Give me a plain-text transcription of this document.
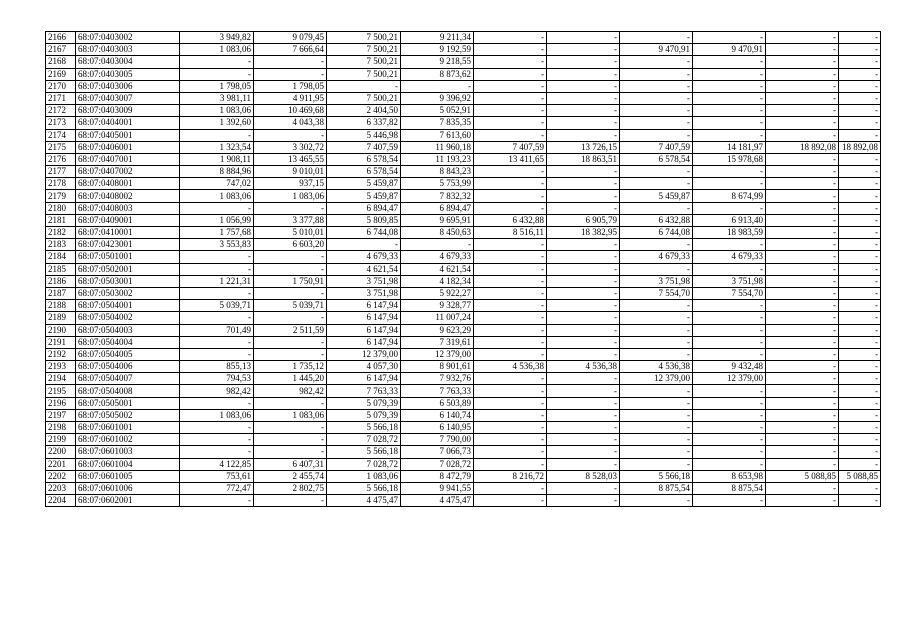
2166	68:07:0403002	3 949,82	9 079,45	7 500,21	9 211,34	-	-	-	-	-	-
2167	68:07:0403003	1 083,06	7 666,64	7 500,21	9 192,59	-	-	9 470,91	9 470,91	-	-
2168	68:07:0403004	-	-	7 500,21	9 218,55	-	-	-	-	-	-
2169	68:07:0403005	-	-	7 500,21	8 873,62	-	-	-	-	-	-
2170	68:07:0403006	1 798,05	1 798,05	-	-	-	-	-	-	-	-
2171	68:07:0403007	3 981,11	4 911,95	7 500,21	9 396,92	-	-	-	-	-	-
2172	68:07:0403009	1 083,06	10 469,68	2 404,50	5 052,91	-	-	-	-	-	-
2173	68:07:0404001	1 392,60	4 043,38	6 337,82	7 835,35	-	-	-	-	-	-
2174	68:07:0405001	-	-	5 446,98	7 613,60	-	-	-	-	-	-
2175	68:07:0406001	1 323,54	3 302,72	7 407,59	11 960,18	7 407,59	13 726,15	7 407,59	14 181,97	18 892,08	18 892,08
2176	68:07:0407001	1 908,11	13 465,55	6 578,54	11 193,23	13 411,65	18 863,51	6 578,54	15 978,68	-	-
2177	68:07:0407002	8 884,96	9 010,01	6 578,54	8 843,23	-	-	-	-	-	-
2178	68:07:0408001	747,02	937,15	5 459,87	5 753,99	-	-	-	-	-	-
2179	68:07:0408002	1 083,06	1 083,06	5 459,87	7 832,32	-	-	5 459,87	8 674,99	-	-
2180	68:07:0408003	-	-	6 894,47	6 894,47	-	-	-	-	-	-
2181	68:07:0409001	1 056,99	3 377,88	5 809,85	9 695,91	6 432,88	6 905,79	6 432,88	6 913,40	-	-
2182	68:07:0410001	1 757,68	5 010,01	6 744,08	8 450,63	8 516,11	18 382,95	6 744,08	18 983,59	-	-
2183	68:07:0423001	3 553,83	6 603,20	-	-	-	-	-	-	-	-
2184	68:07:0501001	-	-	4 679,33	4 679,33	-	-	4 679,33	4 679,33	-	-
2185	68:07:0502001	-	-	4 621,54	4 621,54	-	-	-	-	-	-
2186	68:07:0503001	1 221,31	1 750,91	3 751,98	4 182,34	-	-	3 751,98	3 751,98	-	-
2187	68:07:0503002	-	-	3 751,98	5 922,27	-	-	7 554,70	7 554,70	-	-
2188	68:07:0504001	5 039,71	5 039,71	6 147,94	9 328,77	-	-	-	-	-	-
2189	68:07:0504002	-	-	6 147,94	11 007,24	-	-	-	-	-	-
2190	68:07:0504003	701,49	2 511,59	6 147,94	9 623,29	-	-	-	-	-	-
2191	68:07:0504004	-	-	6 147,94	7 319,61	-	-	-	-	-	-
2192	68:07:0504005	-	-	12 379,00	12 379,00	-	-	-	-	-	-
2193	68:07:0504006	855,13	1 735,12	4 057,30	8 901,61	4 536,38	4 536,38	4 536,38	9 432,48	-	-
2194	68:07:0504007	794,53	1 445,20	6 147,94	7 932,76	-	-	12 379,00	12 379,00	-	-
2195	68:07:0504008	982,42	982,42	7 763,33	7 763,33	-	-	-	-	-	-
2196	68:07:0505001	-	-	5 079,39	6 503,89	-	-	-	-	-	-
2197	68:07:0505002	1 083,06	1 083,06	5 079,39	6 140,74	-	-	-	-	-	-
2198	68:07:0601001	-	-	5 566,18	6 140,95	-	-	-	-	-	-
2199	68:07:0601002	-	-	7 028,72	7 790,00	-	-	-	-	-	-
2200	68:07:0601003	-	-	5 566,18	7 066,73	-	-	-	-	-	-
2201	68:07:0601004	4 122,85	6 407,31	7 028,72	7 028,72	-	-	-	-	-	-
2202	68:07:0601005	753,61	2 455,74	1 083,06	8 472,79	8 216,72	8 528,03	5 566,18	8 653,98	5 088,85	5 088,85
2203	68:07:0601006	772,47	2 802,75	5 566,18	9 941,55	-	-	8 875,54	8 875,54	-	-
2204	68:07:0602001	-	-	4 475,47	4 475,47	-	-	-	-	-	-
